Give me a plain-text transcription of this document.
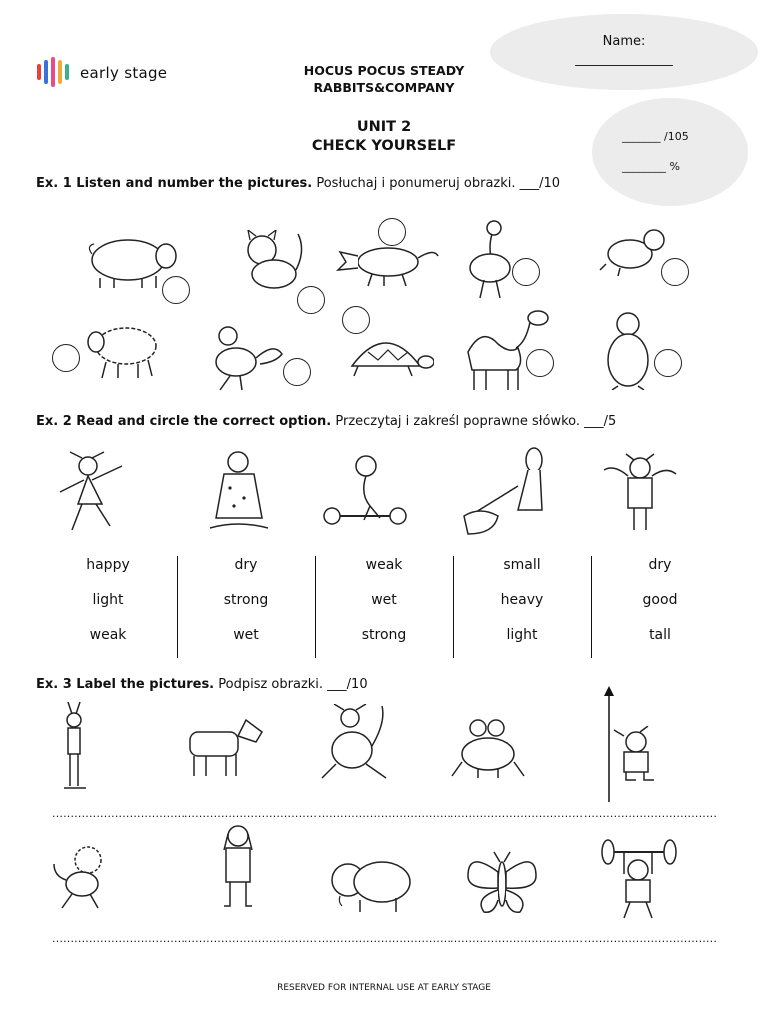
early stage	HOCUS POCUS STEADY
RABBITS&COMPANY
Name:
_______________
UNIT 2
CHECK YOURSELF
_______ /105
________ %
Ex. 1 Listen and number the pictures. Posłuchaj i ponumeruj obrazki. ___/10
Ex. 2 Read and circle the correct option. Przeczytaj i zakreśl poprawne słówko. ___/5
happy
light
weak
dry
strong
wet
weak
wet
strong
small
heavy
light
dry
good
tall
Ex. 3 Label the pictures. Podpisz obrazki. ___/10
....................................
.................................... ....................................
.................................... ....................................
....................................
.................................... ....................................
.................................... ....................................
RESERVED FOR INTERNAL USE AT EARLY STAGE
